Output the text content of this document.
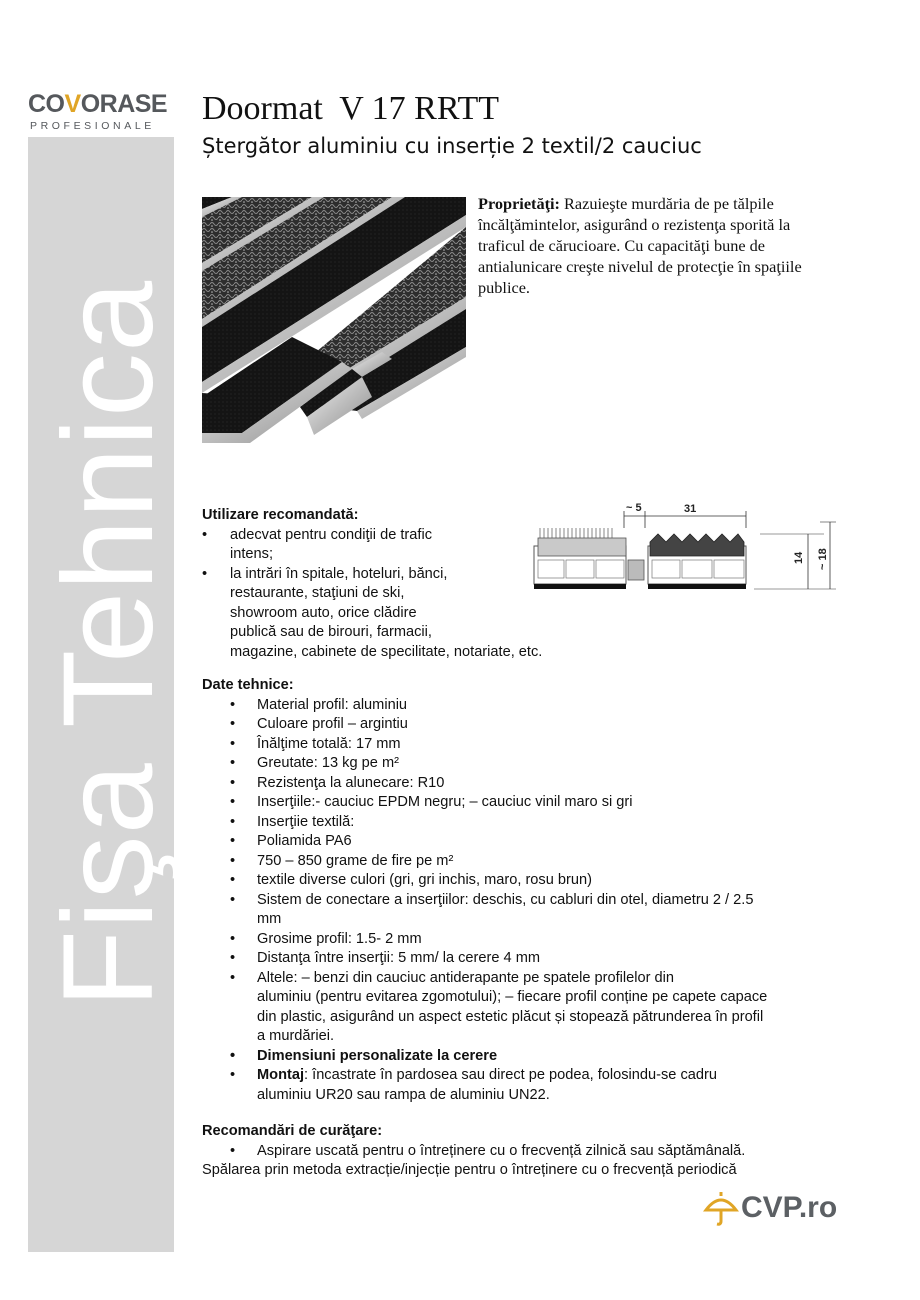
Fişa Tehnica
COVORASE
PROFESIONALE	Doormat  V 17 RRTT
Ștergător aluminiu cu inserție 2 textil/2 cauciuc
Proprietăţi: Razuieşte murdăria de pe tălpile încălţămintelor, asigurând o rezistenţa sporită la traficul de cărucioare. Cu capacităţi bune de antialunicare creşte nivelul de protecţie în spaţiile publice.
~ 5	31
14 ~ 18
Utilizare recomandată:
• adecvat pentru condiţii de trafic
intens;
• la intrări în spitale, hoteluri, bănci,
restaurante, staţiuni de ski,
showroom auto, orice clădire
publică sau de birouri, farmacii,
magazine, cabinete de specilitate, notariate, etc.
Date tehnice:
• Material profil: aluminiu
• Culoare profil – argintiu
• Înălţime totală: 17 mm
• Greutate: 13 kg pe m²
• Rezistenţa la alunecare: R10
• Inserţiile:- cauciuc EPDM negru; – cauciuc vinil maro si gri
• Inserţiie textilă:
• Poliamida PA6
• 750 – 850 grame de fire pe m²
• textile diverse culori (gri, gri inchis, maro, rosu brun)
• Sistem de conectare a inserţiilor: deschis, cu cabluri din otel, diametru 2 / 2.5
mm
• Grosime profil: 1.5- 2 mm
• Distanţa între inserţii: 5 mm/ la cerere 4 mm
• Altele: – benzi din cauciuc antiderapante pe spatele profilelor din
aluminiu (pentru evitarea zgomotului); – fiecare profil conține pe capete capace
din plastic, asigurând un aspect estetic plăcut și stopează pătrunderea în profil
a murdăriei.
• Dimensiuni personalizate la cerere
• Montaj: încastrate în pardosea sau direct pe podea, folosindu-se cadru
aluminiu UR20 sau rampa de aluminiu UN22.
Recomandări de curăţare:
• Aspirare uscată pentru o întreținere cu o frecvență zilnică sau săptămânală.
Spălarea prin metoda extracție/injecție pentru o întreținere cu o frecvență periodică
CVP.ro
